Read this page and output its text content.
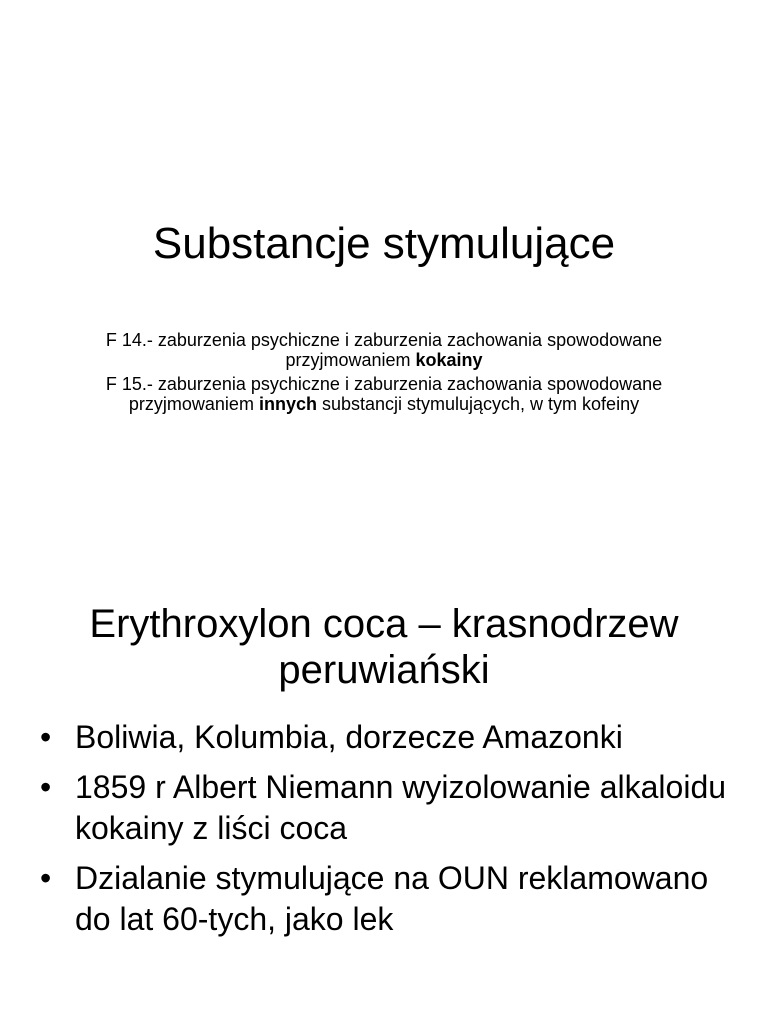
Substancje stymulujące

F 14.- zaburzenia psychiczne i zaburzenia zachowania spowodowane przyjmowaniem kokainy

F 15.- zaburzenia psychiczne i zaburzenia zachowania spowodowane przyjmowaniem innych substancji stymulujących, w tym kofeiny

Erythroxylon coca – krasnodrzew peruwiański
• Boliwia, Kolumbia, dorzecze Amazonki
• 1859 r Albert Niemann wyizolowanie alkaloidu kokainy z liści coca
• Dzialanie stymulujące na OUN reklamowano do lat 60-tych, jako lek
